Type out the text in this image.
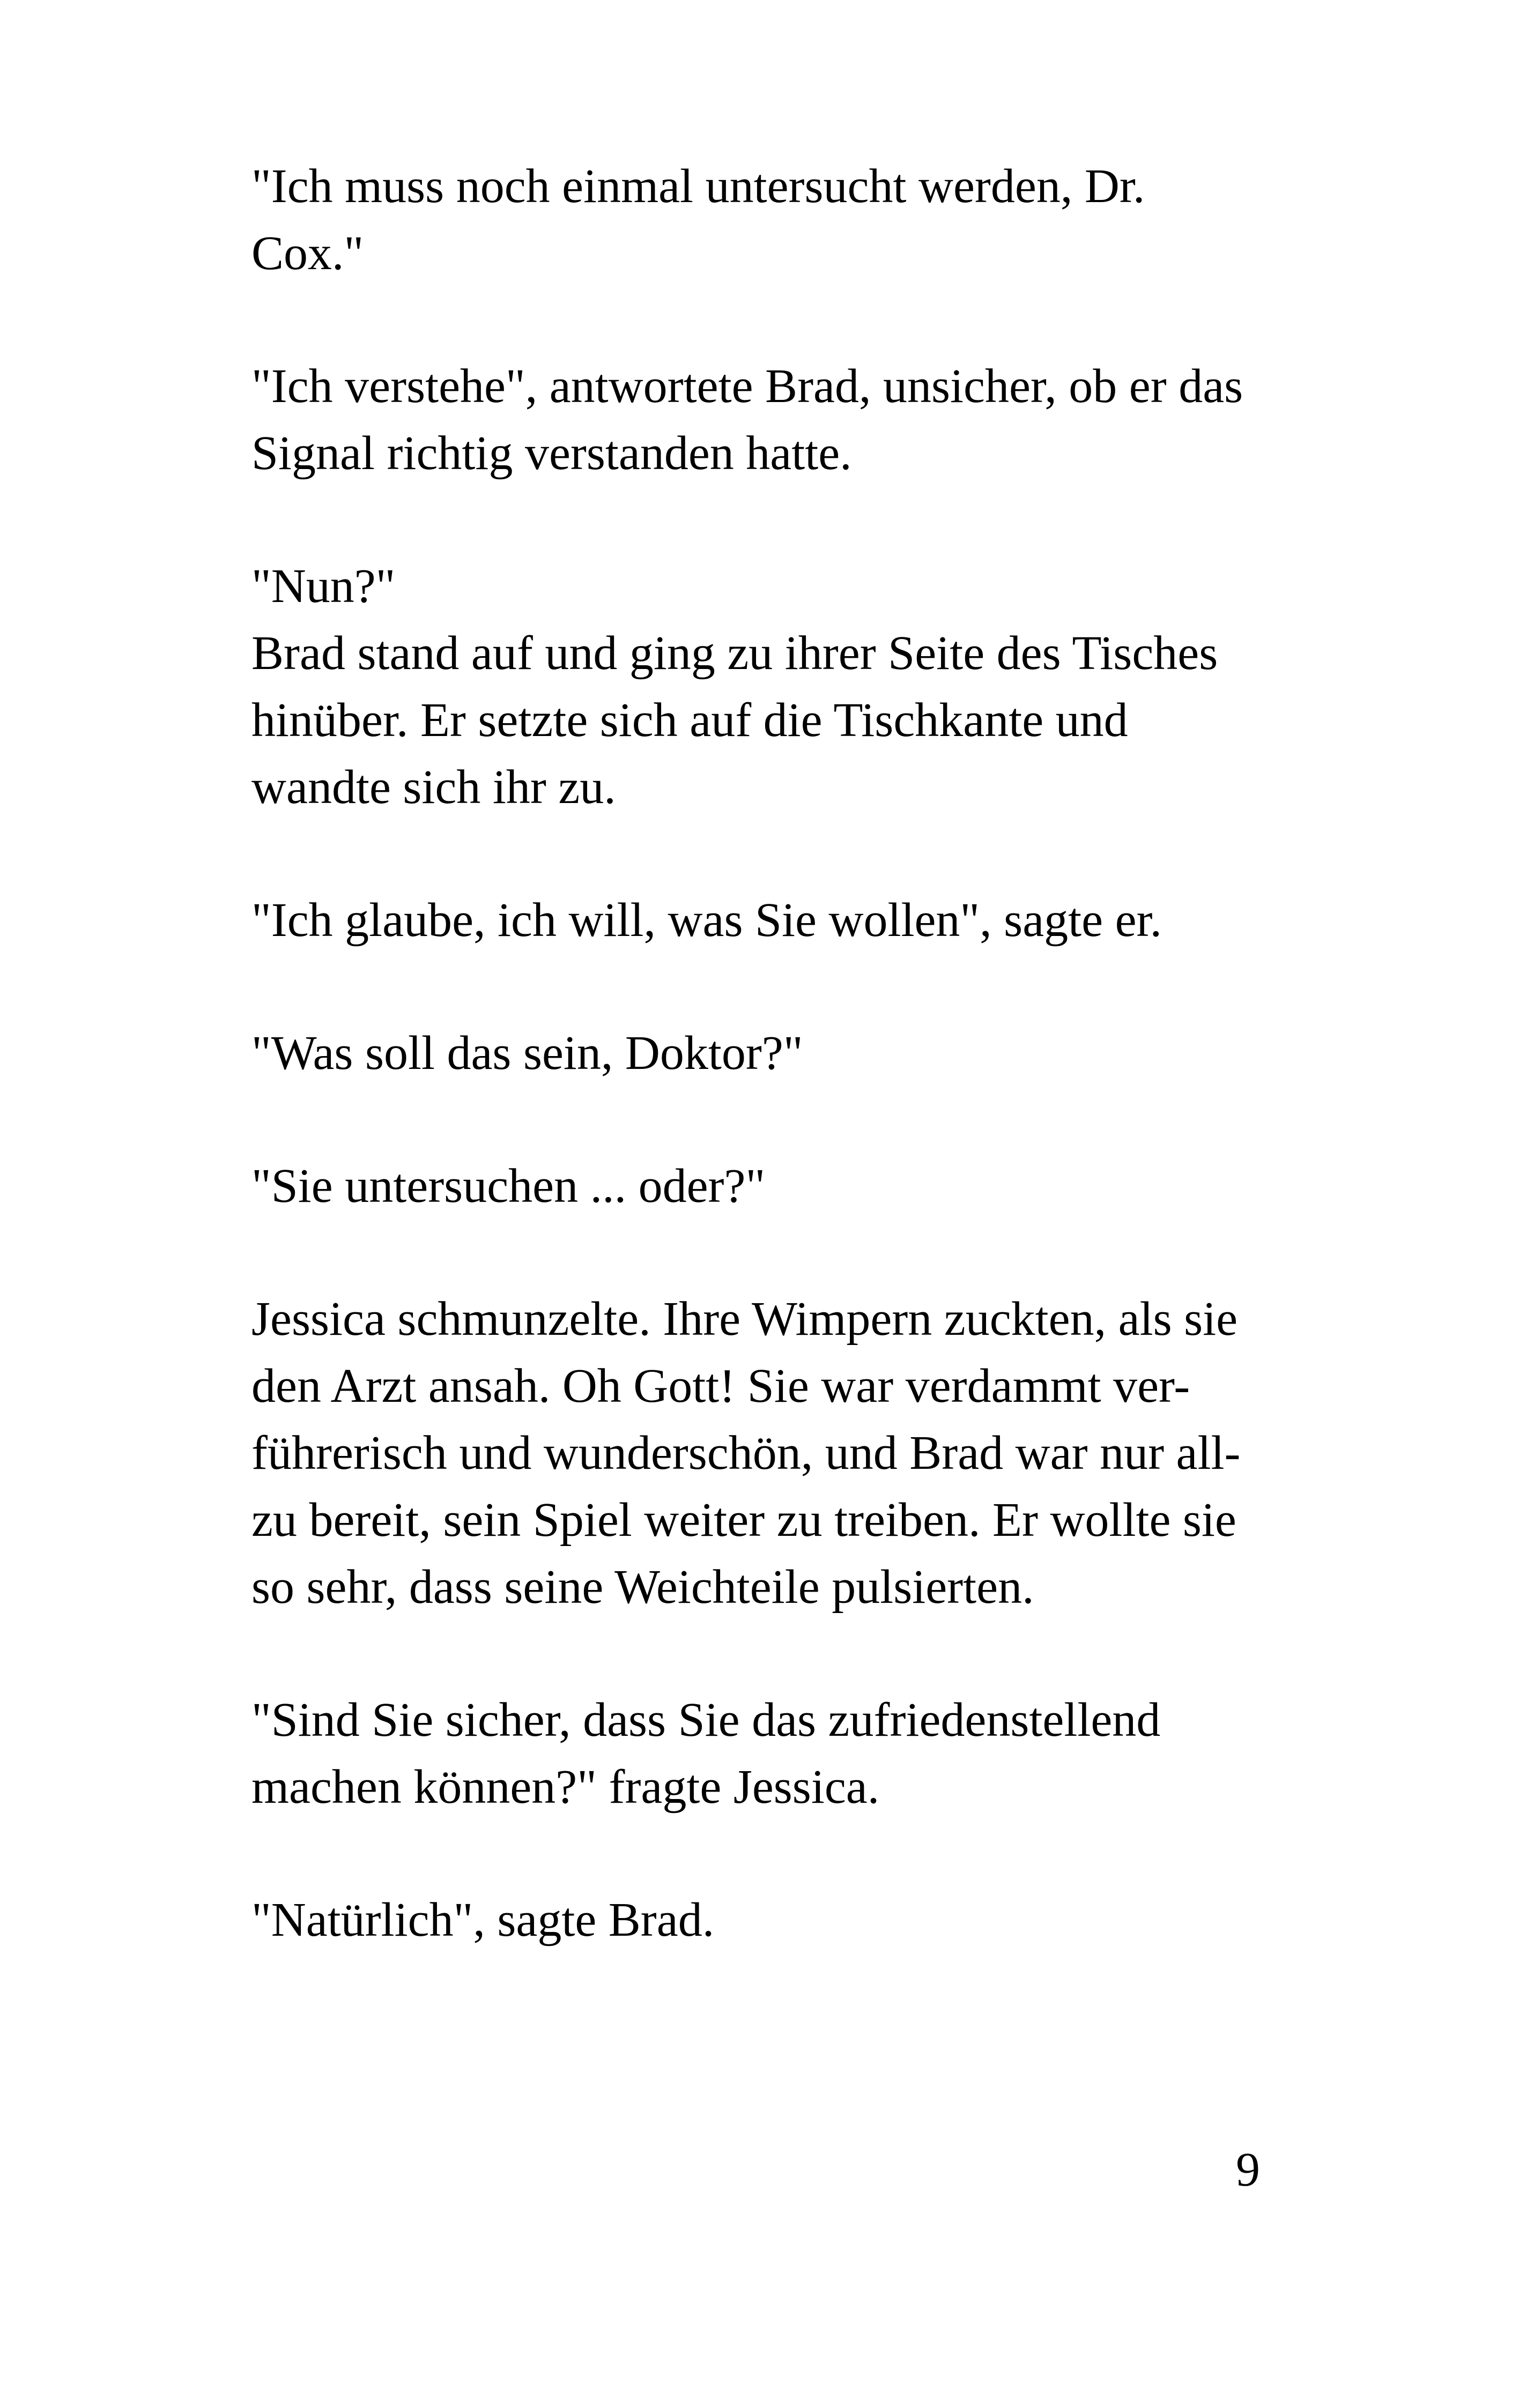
"Ich muss noch einmal untersucht werden, Dr.
Cox."

"Ich verstehe", antwortete Brad, unsicher, ob er das
Signal richtig verstanden hatte.

"Nun?"

Brad stand auf und ging zu ihrer Seite des Tisches
hinüber. Er setzte sich auf die Tischkante und
wandte sich ihr zu.

"Ich glaube, ich will, was Sie wollen", sagte er.

"Was soll das sein, Doktor?"

"Sie untersuchen ... oder?"

Jessica schmunzelte. Ihre Wimpern zuckten, als sie
den Arzt ansah. Oh Gott! Sie war verdammt ver-
führerisch und wunderschön, und Brad war nur all-
zu bereit, sein Spiel weiter zu treiben. Er wollte sie
so sehr, dass seine Weichteile pulsierten.

"Sind Sie sicher, dass Sie das zufriedenstellend
machen können?" fragte Jessica.

"Natürlich", sagte Brad.

9
